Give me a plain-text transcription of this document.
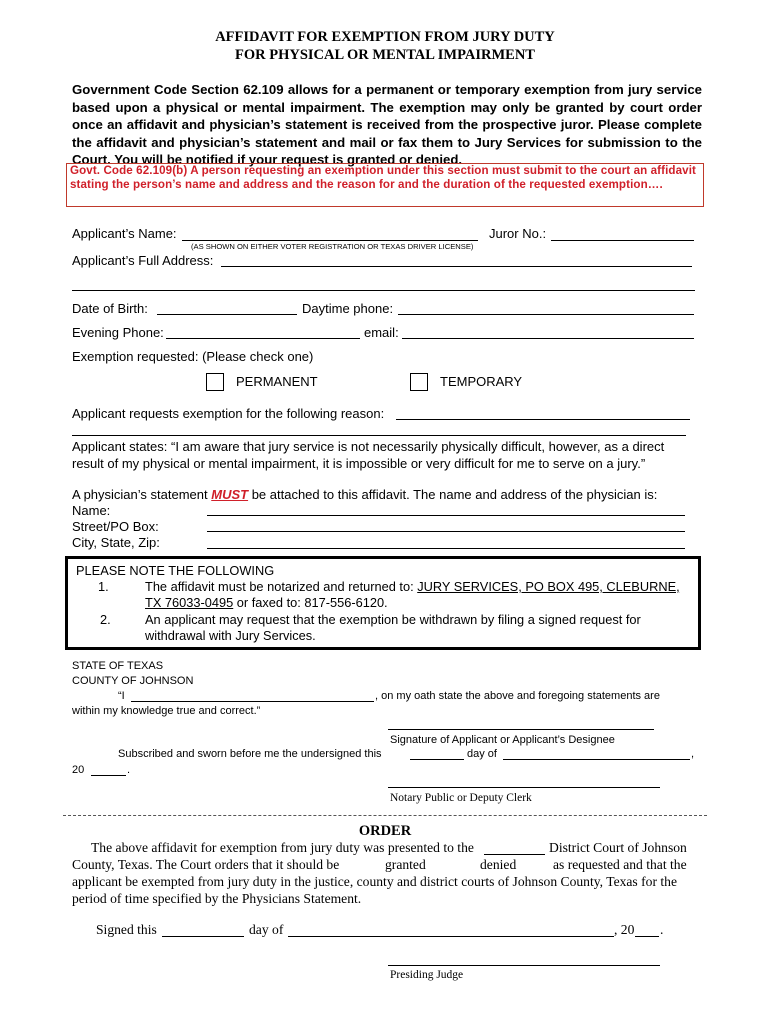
AFFIDAVIT FOR EXEMPTION FROM JURY DUTY
FOR PHYSICAL OR MENTAL IMPAIRMENT
Government Code Section 62.109 allows for a permanent or temporary exemption from jury service based upon a physical or mental impairment. The exemption may only be granted by court order once an affidavit and physician’s statement is received from the prospective juror. Please complete the affidavit and physician’s statement and mail or fax them to Jury Services for submission to the Court. You will be notified if your request is granted or denied.
Govt. Code 62.109(b) A person requesting an exemption under this section must submit to the court an affidavit stating the person’s name and address and the reason for and the duration of the requested exemption….
Applicant’s Name:	Juror No.:
(AS SHOWN ON EITHER VOTER REGISTRATION OR TEXAS DRIVER LICENSE)
Applicant’s Full Address:
Date of Birth:	Daytime phone:
Evening Phone:	email:
Exemption requested: (Please check one)
PERMANENT	TEMPORARY
Applicant requests exemption for the following reason:
Applicant states: “I am aware that jury service is not necessarily physically difficult, however, as a direct
result of my physical or mental impairment, it is impossible or very difficult for me to serve on a jury.”
A physician’s statement MUST be attached to this affidavit. The name and address of the physician is:
Name:
Street/PO Box:
City, State, Zip:
PLEASE NOTE THE FOLLOWING
1.	The affidavit must be notarized and returned to: JURY SERVICES, PO BOX 495, CLEBURNE,
TX 76033-0495 or faxed to: 817-556-6120.
2.	An applicant may request that the exemption be withdrawn by filing a signed request for
withdrawal with Jury Services.
STATE OF TEXAS
COUNTY OF JOHNSON
“I	, on my oath state the above and foregoing statements are
within my knowledge true and correct.”
Signature of Applicant or Applicant’s Designee
Subscribed and sworn before me the undersigned this	day of	,
20	.
Notary Public or Deputy Clerk
ORDER
The above affidavit for exemption from jury duty was presented to the	District Court of Johnson
County, Texas. The Court orders that it should be	granted	denied	as requested and that the
applicant be exempted from jury duty in the justice, county and district courts of Johnson County, Texas for the
period of time specified by the Physicians Statement.
Signed this	day of	, 20 .
Presiding Judge
